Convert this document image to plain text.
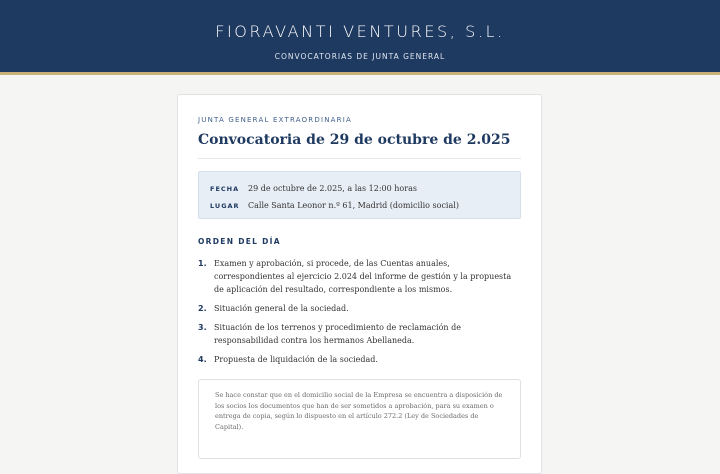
FIORAVANTI VENTURES, S.L.
CONVOCATORIAS DE JUNTA GENERAL
JUNTA GENERAL EXTRAORDINARIA
Convocatoria de 29 de octubre de 2.025
FECHA	29 de octubre de 2.025, a las 12:00 horas
LUGAR	Calle Santa Leonor n.º 61, Madrid (domicilio social)
ORDEN DEL DÍA
1. Examen y aprobación, si procede, de las Cuentas anuales, correspondientes al ejercicio 2.024 del informe de gestión y la propuesta de aplicación del resultado, correspondiente a los mismos.
2. Situación general de la sociedad.
3. Situación de los terrenos y procedimiento de reclamación de responsabilidad contra los hermanos Abellaneda.
4. Propuesta de liquidación de la sociedad.
Se hace constar que en el domicilio social de la Empresa se encuentra a disposición de los socios los documentos que han de ser sometidos a aprobación, para su examen o entrega de copia, según lo dispuesto en el artículo 272.2 (Ley de Sociedades de Capital).
